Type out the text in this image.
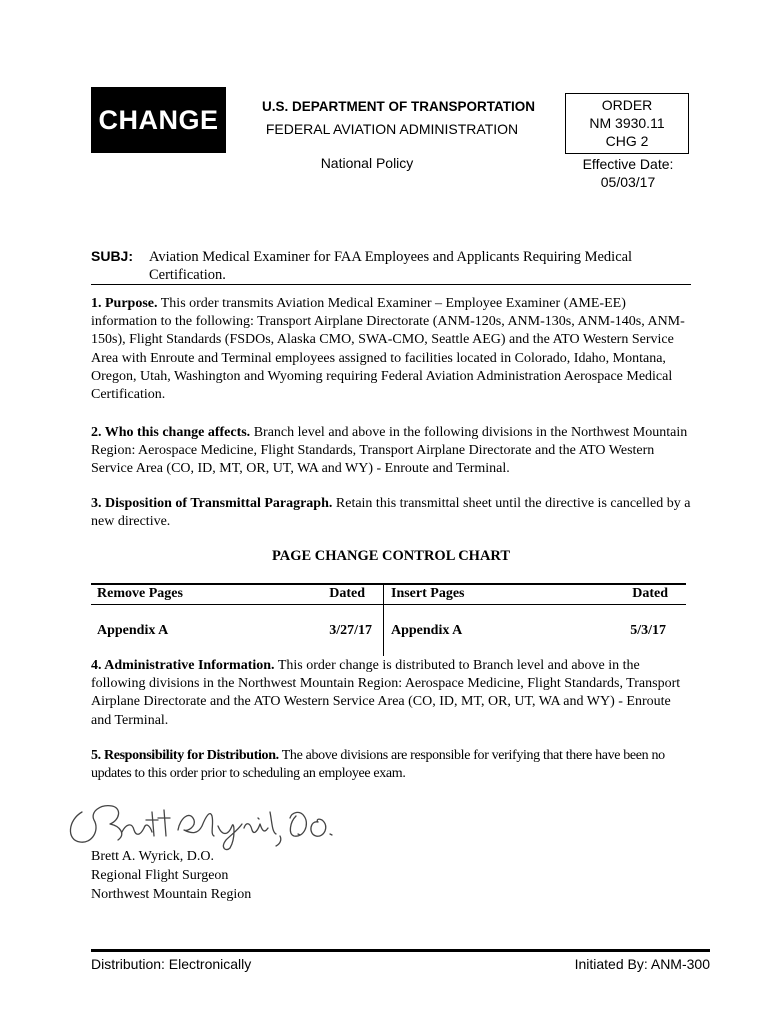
CHANGE	U.S. DEPARTMENT OF TRANSPORTATION
FEDERAL AVIATION ADMINISTRATION
National Policy
ORDER
NM 3930.11
CHG 2
Effective Date:
05/03/17
SUBJ: Aviation Medical Examiner for FAA Employees and Applicants Requiring Medical Certification.
1. Purpose. This order transmits Aviation Medical Examiner – Employee Examiner (AME-EE) information to the following: Transport Airplane Directorate (ANM-120s, ANM-130s, ANM-140s, ANM-150s), Flight Standards (FSDOs, Alaska CMO, SWA-CMO, Seattle AEG) and the ATO Western Service Area with Enroute and Terminal employees assigned to facilities located in Colorado, Idaho, Montana, Oregon, Utah, Washington and Wyoming requiring Federal Aviation Administration Aerospace Medical Certification.
2. Who this change affects. Branch level and above in the following divisions in the Northwest Mountain Region: Aerospace Medicine, Flight Standards, Transport Airplane Directorate and the ATO Western Service Area (CO, ID, MT, OR, UT, WA and WY) - Enroute and Terminal.
3. Disposition of Transmittal Paragraph. Retain this transmittal sheet until the directive is cancelled by a new directive.
PAGE CHANGE CONTROL CHART
Remove Pages	Dated Insert Pages	Dated
Appendix A	3/27/17 Appendix A	5/3/17
4. Administrative Information. This order change is distributed to Branch level and above in the following divisions in the Northwest Mountain Region: Aerospace Medicine, Flight Standards, Transport Airplane Directorate and the ATO Western Service Area (CO, ID, MT, OR, UT, WA and WY) - Enroute and Terminal.
5. Responsibility for Distribution. The above divisions are responsible for verifying that there have been no updates to this order prior to scheduling an employee exam.
Brett A. Wyrick, D.O.
Regional Flight Surgeon
Northwest Mountain Region
Distribution: Electronically	Initiated By: ANM-300
